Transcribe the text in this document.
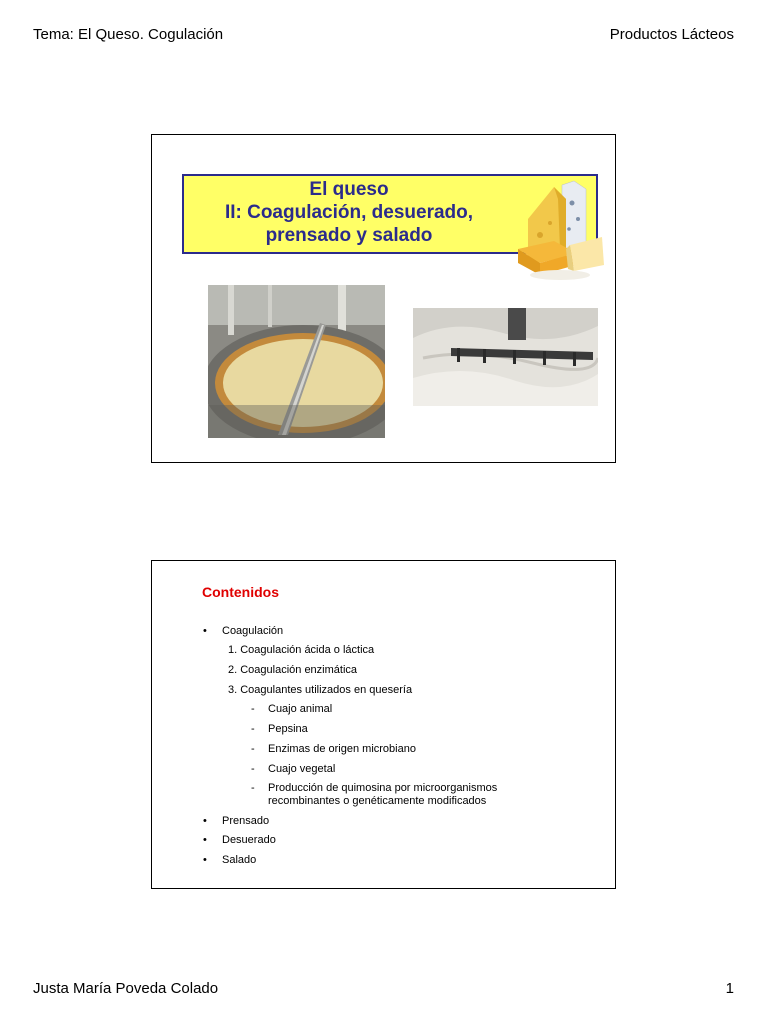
Tema: El Queso. Cogulación	Productos Lácteos
El queso
II: Coagulación, desuerado,
prensado y salado
Contenidos
• Coagulación
1. Coagulación ácida o láctica
2. Coagulación enzimática
3. Coagulantes utilizados en quesería
- Cuajo animal
- Pepsina
- Enzimas de origen microbiano
- Cuajo vegetal
- Producción de quimosina por microorganismos
recombinantes o genéticamente modificados
• Prensado
• Desuerado
• Salado
Justa María Poveda Colado	1
